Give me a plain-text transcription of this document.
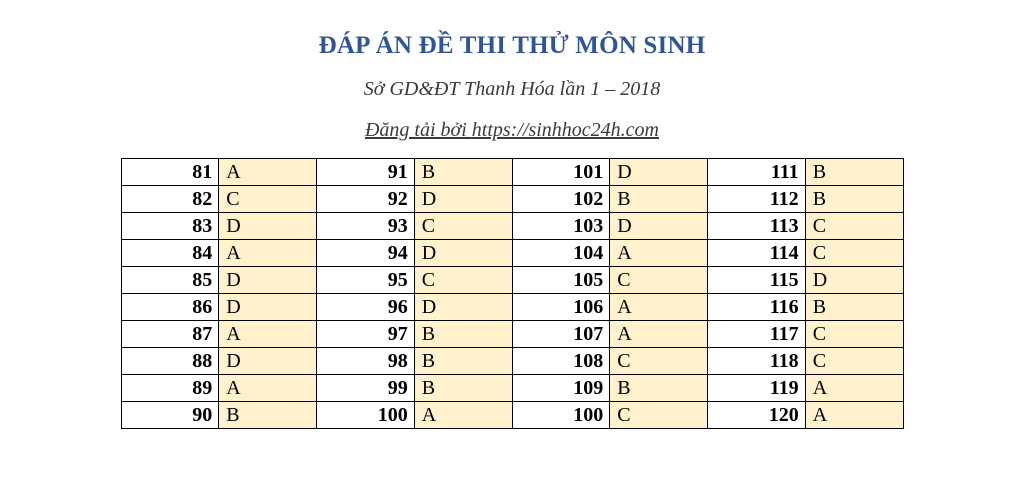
ĐÁP ÁN ĐỀ THI THỬ MÔN SINH
Sở GD&ĐT Thanh Hóa lần 1 – 2018
Đăng tải bởi https://sinhhoc24h.com
81	A	91	B	101	D	111	B
82	C	92	D	102	B	112	B
83	D	93	C	103	D	113	C
84	A	94	D	104	A	114	C
85	D	95	C	105	C	115	D
86	D	96	D	106	A	116	B
87	A	97	B	107	A	117	C
88	D	98	B	108	C	118	C
89	A	99	B	109	B	119	A
90	B	100	A	100	C	120	A
